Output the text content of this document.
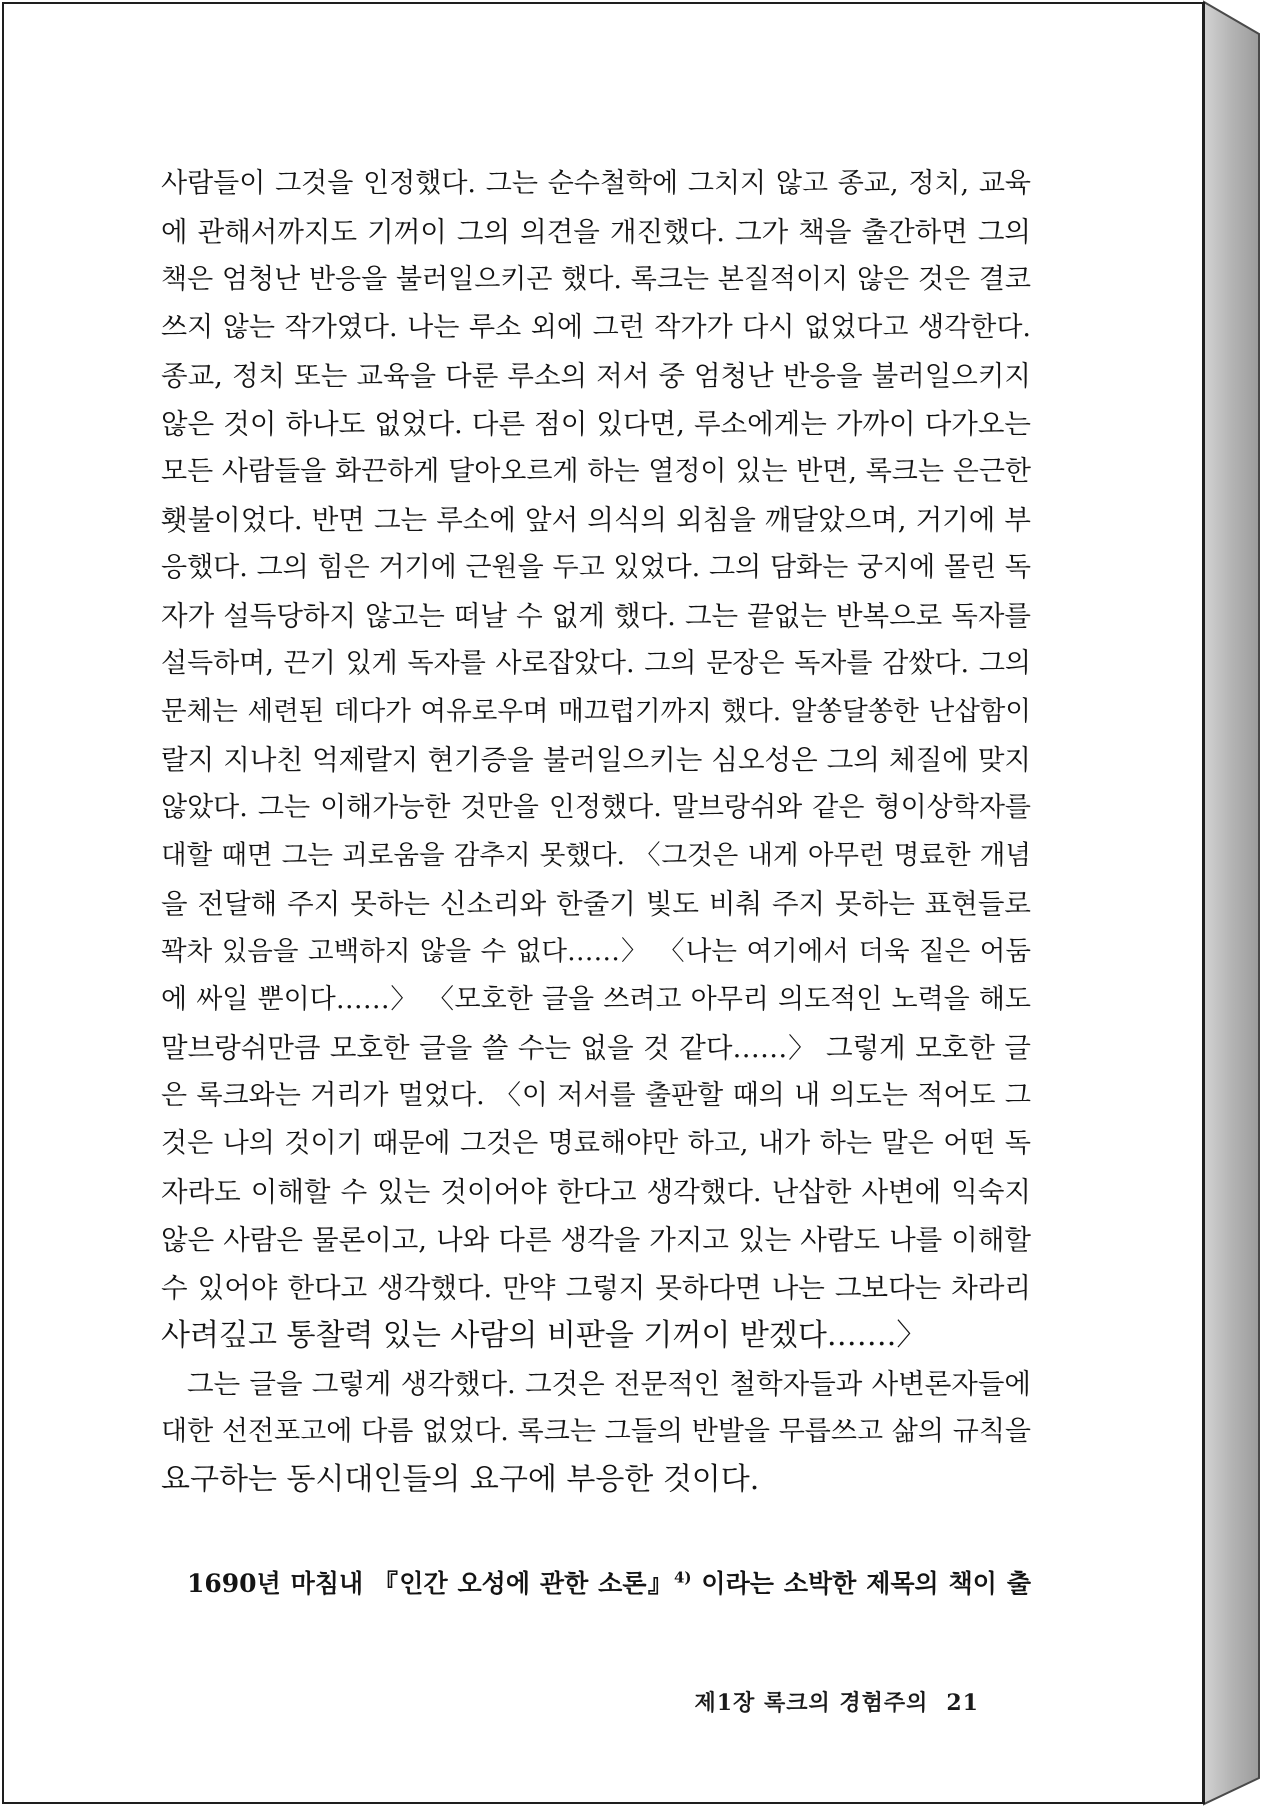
사람들이 그것을 인정했다. 그는 순수철학에 그치지 않고 종교, 정치, 교육
에 관해서까지도 기꺼이 그의 의견을 개진했다. 그가 책을 출간하면 그의
책은 엄청난 반응을 불러일으키곤 했다. 록크는 본질적이지 않은 것은 결코
쓰지 않는 작가였다. 나는 루소 외에 그런 작가가 다시 없었다고 생각한다.
종교, 정치 또는 교육을 다룬 루소의 저서 중 엄청난 반응을 불러일으키지
않은 것이 하나도 없었다. 다른 점이 있다면, 루소에게는 가까이 다가오는
모든 사람들을 화끈하게 달아오르게 하는 열정이 있는 반면, 록크는 은근한
횃불이었다. 반면 그는 루소에 앞서 의식의 외침을 깨달았으며, 거기에 부
응했다. 그의 힘은 거기에 근원을 두고 있었다. 그의 담화는 궁지에 몰린 독
자가 설득당하지 않고는 떠날 수 없게 했다. 그는 끝없는 반복으로 독자를
설득하며, 끈기 있게 독자를 사로잡았다. 그의 문장은 독자를 감쌌다. 그의
문체는 세련된 데다가 여유로우며 매끄럽기까지 했다. 알쏭달쏭한 난삽함이
랄지 지나친 억제랄지 현기증을 불러일으키는 심오성은 그의 체질에 맞지
않았다. 그는 이해가능한 것만을 인정했다. 말브랑쉬와 같은 형이상학자를
대할 때면 그는 괴로움을 감추지 못했다. 〈그것은 내게 아무런 명료한 개념
을 전달해 주지 못하는 신소리와 한줄기 빛도 비춰 주지 못하는 표현들로
꽉차 있음을 고백하지 않을 수 없다……〉 〈나는 여기에서 더욱 짙은 어둠
에 싸일 뿐이다……〉 〈모호한 글을 쓰려고 아무리 의도적인 노력을 해도
말브랑쉬만큼 모호한 글을 쓸 수는 없을 것 같다……〉 그렇게 모호한 글
은 록크와는 거리가 멀었다. 〈이 저서를 출판할 때의 내 의도는 적어도 그
것은 나의 것이기 때문에 그것은 명료해야만 하고, 내가 하는 말은 어떤 독
자라도 이해할 수 있는 것이어야 한다고 생각했다. 난삽한 사변에 익숙지
않은 사람은 물론이고, 나와 다른 생각을 가지고 있는 사람도 나를 이해할
수 있어야 한다고 생각했다. 만약 그렇지 못하다면 나는 그보다는 차라리
사려깊고 통찰력 있는 사람의 비판을 기꺼이 받겠다…….〉
그는 글을 그렇게 생각했다. 그것은 전문적인 철학자들과 사변론자들에
대한 선전포고에 다름 없었다. 록크는 그들의 반발을 무릅쓰고 삶의 규칙을
요구하는 동시대인들의 요구에 부응한 것이다.
1690년 마침내 『인간 오성에 관한 소론』$^{4)}$ 이라는 소박한 제목의 책이 출
제1장 록크의 경험주의 21
